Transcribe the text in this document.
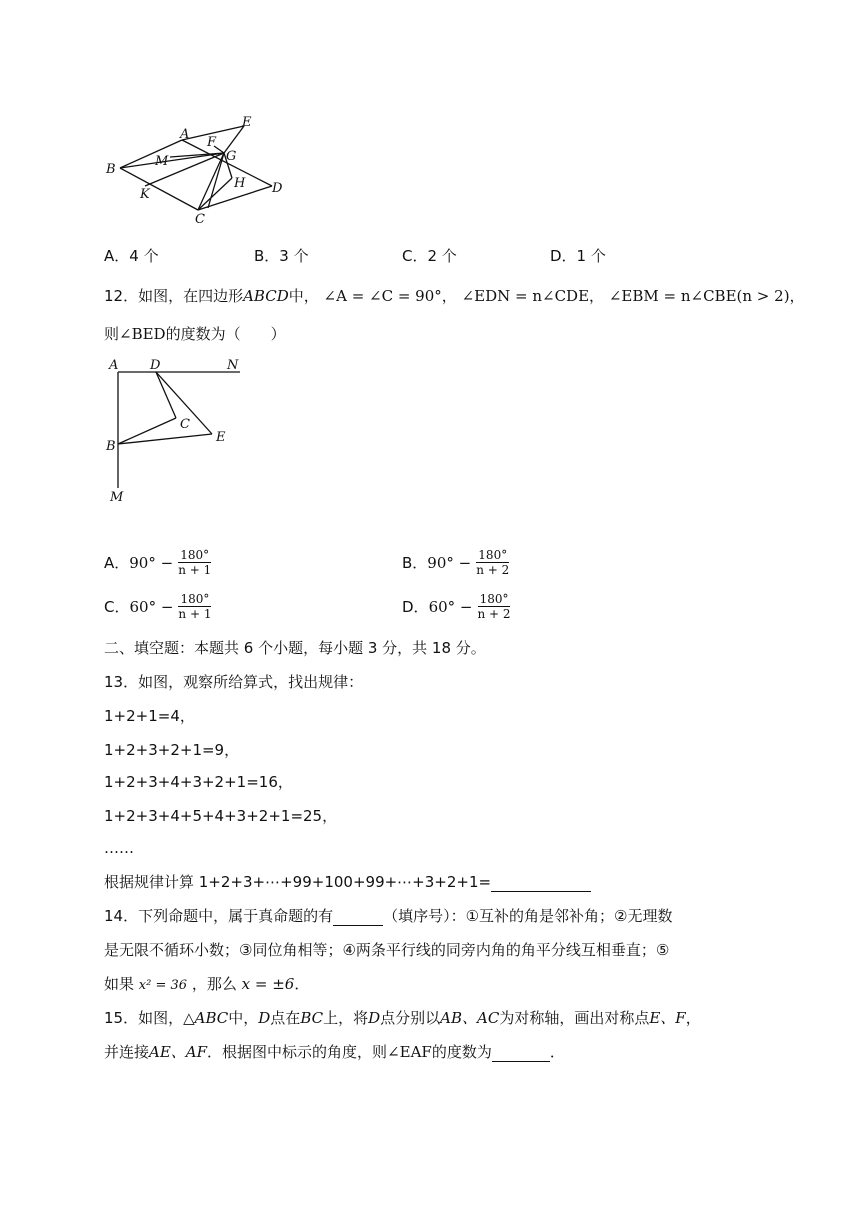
A
E
F
B
M	G
H D
K
C
A．4 个	B．3 个	C．2 个	D．1 个
12．如图，在四边形ABCD中， ∠A = ∠C = 90°， ∠EDN = n∠CDE， ∠EBM = n∠CBE(n > 2)，
则∠BED的度数为（　　）
A D	N
C
B
E
M
A． $90^\circ - \frac{180^\circ}{n + 1}$	B． $90^\circ - \frac{180^\circ}{n + 2}$
C． $60^\circ - \frac{180^\circ}{n + 1}$	D． $60^\circ - \frac{180^\circ}{n + 2}$
二、填空题：本题共 6 个小题，每小题 3 分，共 18 分。
13．如图，观察所给算式，找出规律：
1+2+1=4，
1+2+3+2+1=9，
1+2+3+4+3+2+1=16，
1+2+3+4+5+4+3+2+1=25，
……
根据规律计算 1+2+3+⋯+99+100+99+⋯+3+2+1=
14．下列命题中，属于真命题的有	（填序号）：①互补的角是邻补角；②无理数
是无限不循环小数；③同位角相等；④两条平行线的同旁内角的角平分线互相垂直；⑤
如果 x² = 36 ，那么 x = ±6．
15．如图，△ABC中，D点在BC上，将D点分别以AB、AC为对称轴，画出对称点E、F，
并连接AE、AF．根据图中标示的角度，则∠EAF的度数为	．
